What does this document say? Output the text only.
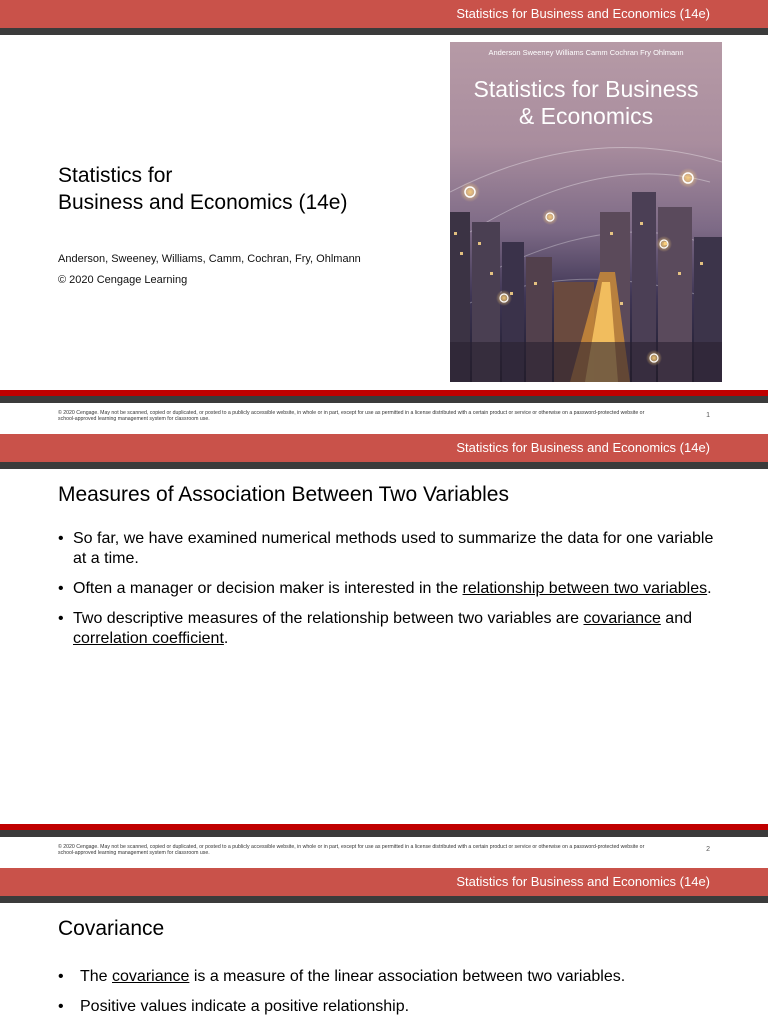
Statistics for Business and Economics (14e)
Statistics for
Business and Economics (14e)
Anderson, Sweeney, Williams, Camm, Cochran, Fry, Ohlmann
© 2020 Cengage Learning
Anderson Sweeney Williams Camm Cochran Fry Ohlmann
Statistics for Business
& Economics
© 2020 Cengage. May not be scanned, copied or duplicated, or posted to a publicly accessible website, in whole or in part, except for use as permitted in a license distributed with a certain product or service or otherwise on a password-protected website or school-approved learning management system for classroom use.	1
Statistics for Business and Economics (14e)
Measures of Association Between Two Variables
• So far, we have examined numerical methods used to summarize the data for one variable at a time.
• Often a manager or decision maker is interested in the relationship between two variables.
• Two descriptive measures of the relationship between two variables are covariance and correlation coefficient.
© 2020 Cengage. May not be scanned, copied or duplicated, or posted to a publicly accessible website, in whole or in part, except for use as permitted in a license distributed with a certain product or service or otherwise on a password-protected website or school-approved learning management system for classroom use.	2
Statistics for Business and Economics (14e)
Covariance
• The covariance is a measure of the linear association between two variables.
• Positive values indicate a positive relationship.
